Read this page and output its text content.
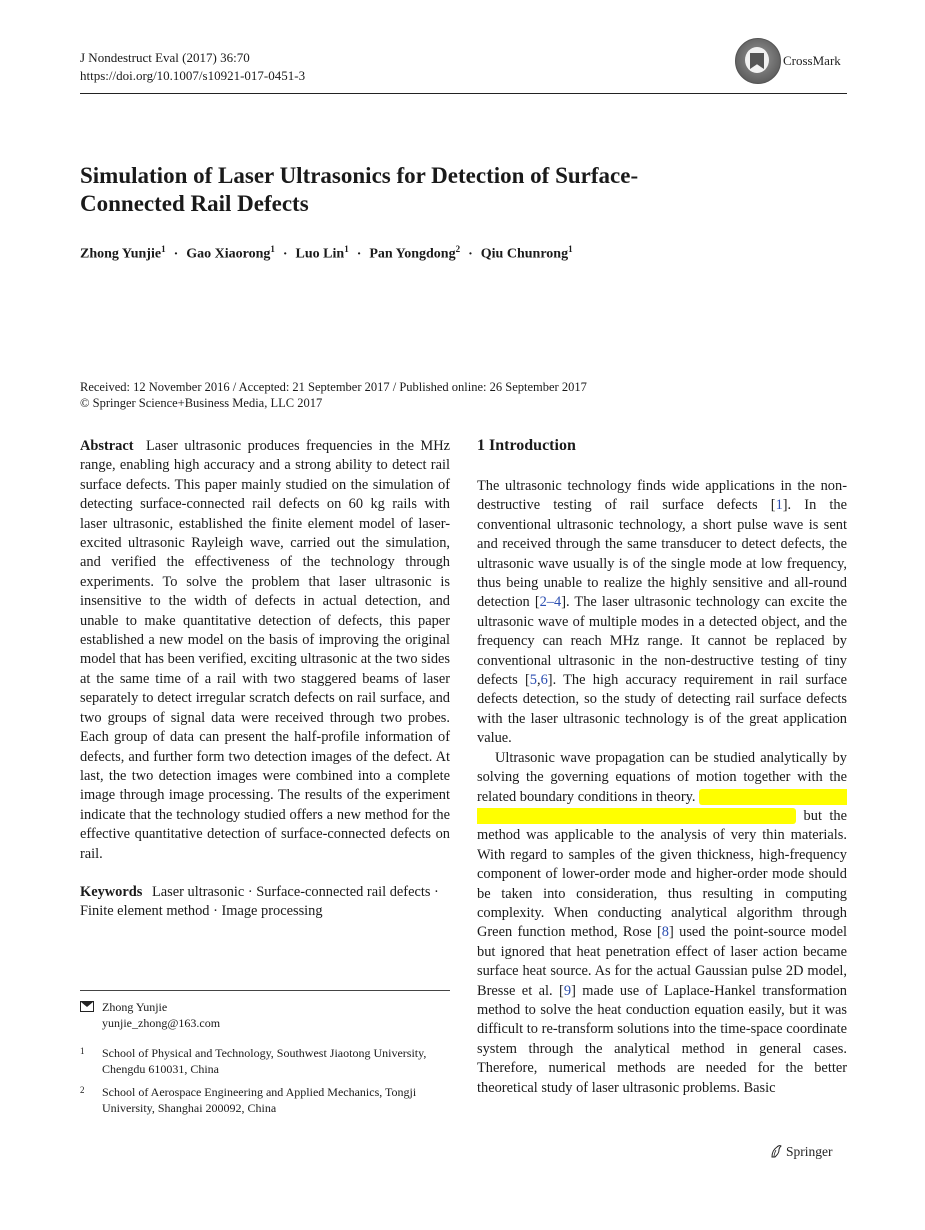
J Nondestruct Eval (2017) 36:70
https://doi.org/10.1007/s10921-017-0451-3
CrossMark
Simulation of Laser Ultrasonics for Detection of Surface-Connected Rail Defects
Zhong Yunjie$^1$ · Gao Xiaorong$^1$ · Luo Lin$^1$ · Pan Yongdong$^2$ · Qiu Chunrong$^1$
Received: 12 November 2016 / Accepted: 21 September 2017 / Published online: 26 September 2017
© Springer Science+Business Media, LLC 2017
Abstract Laser ultrasonic produces frequencies in the MHz range, enabling high accuracy and a strong ability to detect rail surface defects. This paper mainly studied on the simulation of detecting surface-connected rail defects on 60 kg rails with laser ultrasonic, established the finite element model of laser-excited ultrasonic Rayleigh wave, carried out the simulation, and verified the effectiveness of the technology through experiments. To solve the problem that laser ultrasonic is insensitive to the width of defects in actual detection, and unable to make quantitative detection of defects, this paper established a new model on the basis of improving the original model that has been verified, exciting ultrasonic at the two sides at the same time of a rail with two staggered beams of laser separately to detect irregular scratch defects on rail surface, and two groups of signal data were received through two probes. Each group of data can present the half-profile information of defects, and further form two detection images of the defect. At last, the two detection images were combined into a complete image through image processing. The results of the experiment indicate that the technology studied offers a new method for the effective quantitative detection of surface-connected defects on rail.
Keywords Laser ultrasonic · Surface-connected rail defects · Finite element method · Image processing
Zhong Yunjie
yunjie_zhong@163.com
1 School of Physical and Technology, Southwest Jiaotong University, Chengdu 610031, China
2 School of Aerospace Engineering and Applied Mechanics, Tongji University, Shanghai 200092, China
1 Introduction

The ultrasonic technology finds wide applications in the non-destructive testing of rail surface defects [1]. In the conventional ultrasonic technology, a short pulse wave is sent and received through the same transducer to detect defects, the ultrasonic wave usually is of the single mode at low frequency, thus being unable to realize the highly sensitive and all-round detection [2–4]. The laser ultrasonic technology can excite the ultrasonic wave of multiple modes in a detected object, and the frequency can reach MHz range. It cannot be replaced by conventional ultrasonic in the non-destructive testing of tiny defects [5,6]. The high accuracy requirement in rail surface defects detection, so the study of detecting rail surface defects with the laser ultrasonic technology is of the great application value.

Ultrasonic wave propagation can be studied analytically by solving the governing equations of motion together with the related boundary conditions in theory. Some analytical solutions were obtained using the plane-stress approximation, but the method was applicable to the analysis of very thin materials. With regard to samples of the given thickness, high-frequency component of lower-order mode and higher-order mode should be taken into consideration, thus resulting in computing complexity. When conducting analytical algorithm through Green function method, Rose [8] used the point-source model but ignored that heat penetration effect of laser action became surface heat source. As for the actual Gaussian pulse 2D model, Bresse et al. [9] made use of Laplace-Hankel transformation method to solve the heat conduction equation easily, but it was difficult to re-transform solutions into the time-space coordinate system through the analytical method in general cases. Therefore, numerical methods are needed for the better theoretical study of laser ultrasonic problems. Basic

Springer
